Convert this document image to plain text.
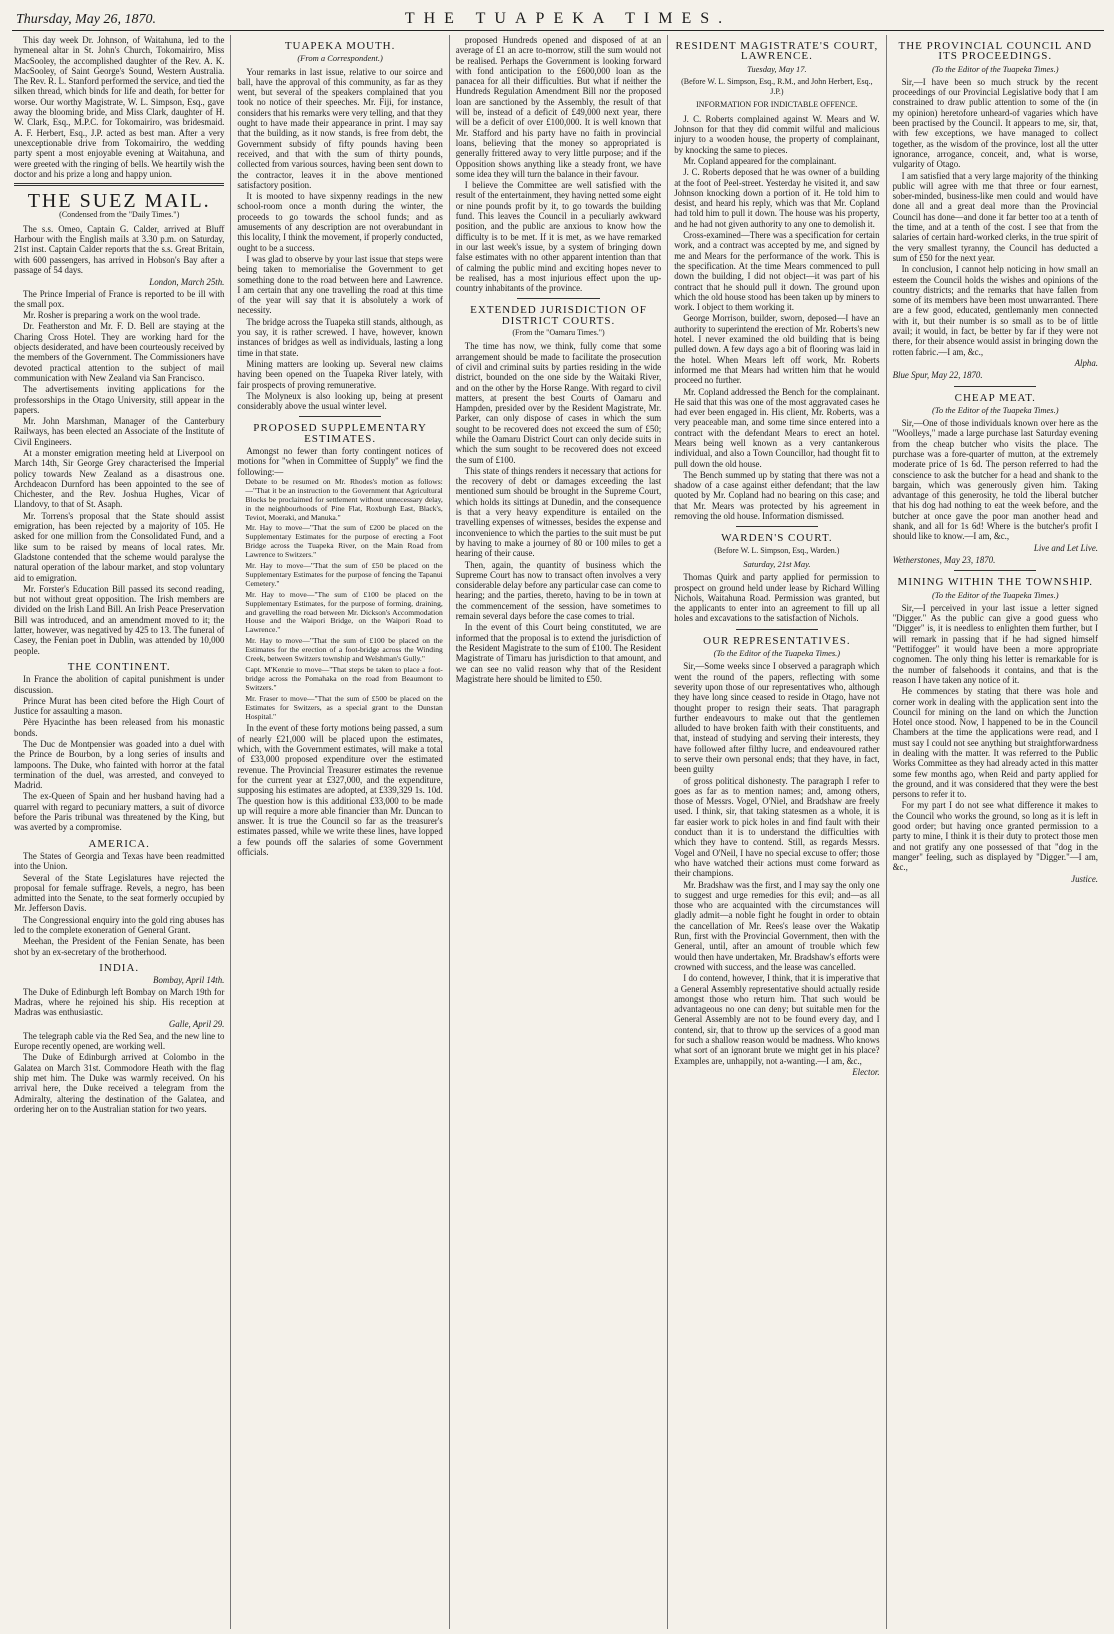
Thursday, May 26, 1870.	THE TUAPEKA TIMES.

This day week Dr. Johnson, of Waitahuna, led to the hymeneal altar in St. John's Church, Tokomairiro, Miss MacSooley, the accomplished daughter of the Rev. A. K. MacSooley, of Saint George's Sound, Western Australia. The Rev. R. L. Stanford performed the service, and tied the silken thread, which binds for life and death, for better for worse. Our worthy Magistrate, W. L. Simpson, Esq., gave away the blooming bride, and Miss Clark, daughter of H. W. Clark, Esq., M.P.C. for Tokomairiro, was bridesmaid. A. F. Herbert, Esq., J.P. acted as best man. After a very unexceptionable drive from Tokomairiro, the wedding party spent a most enjoyable evening at Waitahuna, and were greeted with the ringing of bells. We heartily wish the doctor and his prize a long and happy union.

THE SUEZ MAIL.

(Condensed from the "Daily Times.")

The s.s. Omeo, Captain G. Calder, arrived at Bluff Harbour with the English mails at 3.30 p.m. on Saturday, 21st inst. Captain Calder reports that the s.s. Great Britain, with 600 passengers, has arrived in Hobson's Bay after a passage of 54 days.

London, March 25th.

The Prince Imperial of France is reported to be ill with the small pox.

Mr. Rosher is preparing a work on the wool trade.

Dr. Featherston and Mr. F. D. Bell are staying at the Charing Cross Hotel. They are working hard for the objects desiderated, and have been courteously received by the members of the Government. The Commissioners have devoted practical attention to the subject of mail communication with New Zealand via San Francisco.

The advertisements inviting applications for the professorships in the Otago University, still appear in the papers.

Mr. John Marshman, Manager of the Canterbury Railways, has been elected an Associate of the Institute of Civil Engineers.

At a monster emigration meeting held at Liverpool on March 14th, Sir George Grey characterised the Imperial policy towards New Zealand as a disastrous one. Archdeacon Durnford has been appointed to the see of Chichester, and the Rev. Joshua Hughes, Vicar of Llandovy, to that of St. Asaph.

Mr. Torrens's proposal that the State should assist emigration, has been rejected by a majority of 105. He asked for one million from the Consolidated Fund, and a like sum to be raised by means of local rates. Mr. Gladstone contended that the scheme would paralyse the natural operation of the labour market, and stop voluntary aid to emigration.

Mr. Forster's Education Bill passed its second reading, but not without great opposition. The Irish members are divided on the Irish Land Bill. An Irish Peace Preservation Bill was introduced, and an amendment moved to it; the latter, however, was negatived by 425 to 13. The funeral of Casey, the Fenian poet in Dublin, was attended by 10,000 people.

THE CONTINENT.

In France the abolition of capital punishment is under discussion.

Prince Murat has been cited before the High Court of Justice for assaulting a mason.

Père Hyacinthe has been released from his monastic bonds.

The Duc de Montpensier was goaded into a duel with the Prince de Bourbon, by a long series of insults and lampoons. The Duke, who fainted with horror at the fatal termination of the duel, was arrested, and conveyed to Madrid.

The ex-Queen of Spain and her husband having had a quarrel with regard to pecuniary matters, a suit of divorce before the Paris tribunal was threatened by the King, but was averted by a compromise.

AMERICA.

The States of Georgia and Texas have been readmitted into the Union.

Several of the State Legislatures have rejected the proposal for female suffrage. Revels, a negro, has been admitted into the Senate, to the seat formerly occupied by Mr. Jefferson Davis.

The Congressional enquiry into the gold ring abuses has led to the complete exoneration of General Grant.

Meehan, the President of the Fenian Senate, has been shot by an ex-secretary of the brotherhood.

INDIA.

Bombay, April 14th.

The Duke of Edinburgh left Bombay on March 19th for Madras, where he rejoined his ship. His reception at Madras was enthusiastic.

Galle, April 29.

The telegraph cable via the Red Sea, and the new line to Europe recently opened, are working well.

The Duke of Edinburgh arrived at Colombo in the Galatea on March 31st. Commodore Heath with the flag ship met him. The Duke was warmly received. On his arrival here, the Duke received a telegram from the Admiralty, altering the destination of the Galatea, and ordering her on to the Australian station for two years.

TUAPEKA MOUTH.

(From a Correspondent.)

Your remarks in last issue, relative to our soirce and ball, have the approval of this community, as far as they went, but several of the speakers complained that you took no notice of their speeches. Mr. Fiji, for instance, considers that his remarks were very telling, and that they ought to have made their appearance in print. I may say that the building, as it now stands, is free from debt, the Government subsidy of fifty pounds having been received, and that with the sum of thirty pounds, collected from various sources, having been sent down to the contractor, leaves it in the above mentioned satisfactory position.

It is mooted to have sixpenny readings in the new school-room once a month during the winter, the proceeds to go towards the school funds; and as amusements of any description are not overabundant in this locality, I think the movement, if properly conducted, ought to be a success.

I was glad to observe by your last issue that steps were being taken to memorialise the Government to get something done to the road between here and Lawrence. I am certain that any one travelling the road at this time of the year will say that it is absolutely a work of necessity.

The bridge across the Tuapeka still stands, although, as you say, it is rather screwed. I have, however, known instances of bridges as well as individuals, lasting a long time in that state.

Mining matters are looking up. Several new claims having been opened on the Tuapeka River lately, with fair prospects of proving remunerative.

The Molyneux is also looking up, being at present considerably above the usual winter level.

PROPOSED SUPPLEMENTARY ESTIMATES.

Amongst no fewer than forty contingent notices of motions for "when in Committee of Supply" we find the following:—

Debate to be resumed on Mr. Rhodes's motion as follows:—"That it be an instruction to the Government that Agricultural Blocks be proclaimed for settlement without unnecessary delay, in the neighbourhoods of Pine Flat, Roxburgh East, Black's, Teviot, Moeraki, and Manuka."

Mr. Hay to move—"That the sum of £200 be placed on the Supplementary Estimates for the purpose of erecting a Foot Bridge across the Tuapeka River, on the Main Road from Lawrence to Switzers."

Mr. Hay to move—"That the sum of £50 be placed on the Supplementary Estimates for the purpose of fencing the Tapanui Cemetery."

Mr. Hay to move—"The sum of £100 be placed on the Supplementary Estimates, for the purpose of forming, draining, and gravelling the road between Mr. Dickson's Accommodation House and the Waipori Bridge, on the Waipori Road to Lawrence."

Mr. Hay to move—"That the sum of £100 be placed on the Estimates for the erection of a foot-bridge across the Winding Creek, between Switzers township and Welshman's Gully."

Capt. M'Kenzie to move—"That steps be taken to place a foot-bridge across the Pomahaka on the road from Beaumont to Switzers."

Mr. Fraser to move—"That the sum of £500 be placed on the Estimates for Switzers, as a special grant to the Dunstan Hospital."

In the event of these forty motions being passed, a sum of nearly £21,000 will be placed upon the estimates, which, with the Government estimates, will make a total of £33,000 proposed expenditure over the estimated revenue. The Provincial Treasurer estimates the revenue for the current year at £327,000, and the expenditure, supposing his estimates are adopted, at £339,329 1s. 10d. The question how is this additional £33,000 to be made up will require a more able financier than Mr. Duncan to answer. It is true the Council so far as the treasurer's estimates passed, while we write these lines, have lopped a few pounds off the salaries of some Government officials.

proposed Hundreds opened and disposed of at an average of £1 an acre to-morrow, still the sum would not be realised. Perhaps the Government is looking forward with fond anticipation to the £600,000 loan as the panacea for all their difficulties. But what if neither the Hundreds Regulation Amendment Bill nor the proposed loan are sanctioned by the Assembly, the result of that will be, instead of a deficit of £49,000 next year, there will be a deficit of over £100,000. It is well known that Mr. Stafford and his party have no faith in provincial loans, believing that the money so appropriated is generally frittered away to very little purpose; and if the Opposition shows anything like a steady front, we have some idea they will turn the balance in their favour.

I believe the Committee are well satisfied with the result of the entertainment, they having netted some eight or nine pounds profit by it, to go towards the building fund. This leaves the Council in a peculiarly awkward position, and the public are anxious to know how the difficulty is to be met. If it is met, as we have remarked in our last week's issue, by a system of bringing down false estimates with no other apparent intention than that of calming the public mind and exciting hopes never to be realised, has a most injurious effect upon the up-country inhabitants of the province.

EXTENDED JURISDICTION OF DISTRICT COURTS.

(From the "Oamaru Times.")

The time has now, we think, fully come that some arrangement should be made to facilitate the prosecution of civil and criminal suits by parties residing in the wide district, bounded on the one side by the Waitaki River, and on the other by the Horse Range. With regard to civil matters, at present the best Courts of Oamaru and Hampden, presided over by the Resident Magistrate, Mr. Parker, can only dispose of cases in which the sum sought to be recovered does not exceed the sum of £50; while the Oamaru District Court can only decide suits in which the sum sought to be recovered does not exceed the sum of £100.

This state of things renders it necessary that actions for the recovery of debt or damages exceeding the last mentioned sum should be brought in the Supreme Court, which holds its sittings at Dunedin, and the consequence is that a very heavy expenditure is entailed on the travelling expenses of witnesses, besides the expense and inconvenience to which the parties to the suit must be put by having to make a journey of 80 or 100 miles to get a hearing of their cause.

Then, again, the quantity of business which the Supreme Court has now to transact often involves a very considerable delay before any particular case can come to hearing; and the parties, thereto, having to be in town at the commencement of the session, have sometimes to remain several days before the case comes to trial.

In the event of this Court being constituted, we are informed that the proposal is to extend the jurisdiction of the Resident Magistrate to the sum of £100. The Resident Magistrate of Timaru has jurisdiction to that amount, and we can see no valid reason why that of the Resident Magistrate here should be limited to £50.

RESIDENT MAGISTRATE'S COURT, LAWRENCE.

Tuesday, May 17.

(Before W. L. Simpson, Esq., R.M., and John Herbert, Esq., J.P.)

INFORMATION FOR INDICTABLE OFFENCE.

J. C. Roberts complained against W. Mears and W. Johnson for that they did commit wilful and malicious injury to a wooden house, the property of complainant, by knocking the same to pieces.

Mr. Copland appeared for the complainant.

J. C. Roberts deposed that he was owner of a building at the foot of Peel-street. Yesterday he visited it, and saw Johnson knocking down a portion of it. He told him to desist, and heard his reply, which was that Mr. Copland had told him to pull it down. The house was his property, and he had not given authority to any one to demolish it.

Cross-examined—There was a specification for certain work, and a contract was accepted by me, and signed by me and Mears for the performance of the work. This is the specification. At the time Mears commenced to pull down the building, I did not object—it was part of his contract that he should pull it down. The ground upon which the old house stood has been taken up by miners to work. I object to them working it.

George Morrison, builder, sworn, deposed—I have an authority to superintend the erection of Mr. Roberts's new hotel. I never examined the old building that is being pulled down. A few days ago a bit of flooring was laid in the hotel. When Mears left off work, Mr. Roberts informed me that Mears had written him that he would proceed no further.

Mr. Copland addressed the Bench for the complainant. He said that this was one of the most aggravated cases he had ever been engaged in. His client, Mr. Roberts, was a very peaceable man, and some time since entered into a contract with the defendant Mears to erect an hotel. Mears being well known as a very cantankerous individual, and also a Town Councillor, had thought fit to pull down the old house.

The Bench summed up by stating that there was not a shadow of a case against either defendant; that the law quoted by Mr. Copland had no bearing on this case; and that Mr. Mears was protected by his agreement in removing the old house. Information dismissed.

WARDEN'S COURT.

(Before W. L. Simpson, Esq., Warden.)

Saturday, 21st May.

Thomas Quirk and party applied for permission to prospect on ground held under lease by Richard Willing Nichols, Waitahuna Road. Permission was granted, but the applicants to enter into an agreement to fill up all holes and excavations to the satisfaction of Nichols.

OUR REPRESENTATIVES.

(To the Editor of the Tuapeka Times.)

Sir,—Some weeks since I observed a paragraph which went the round of the papers, reflecting with some severity upon those of our representatives who, although they have long since ceased to reside in Otago, have not thought proper to resign their seats. That paragraph further endeavours to make out that the gentlemen alluded to have broken faith with their constituents, and that, instead of studying and serving their interests, they have followed after filthy lucre, and endeavoured rather to serve their own personal ends; that they have, in fact, been guilty

of gross political dishonesty. The paragraph I refer to goes as far as to mention names; and, among others, those of Messrs. Vogel, O'Niel, and Bradshaw are freely used. I think, sir, that taking statesmen as a whole, it is far easier work to pick holes in and find fault with their conduct than it is to understand the difficulties with which they have to contend. Still, as regards Messrs. Vogel and O'Neil, I have no special excuse to offer; those who have watched their actions must come forward as their champions.

Mr. Bradshaw was the first, and I may say the only one to suggest and urge remedies for this evil; and—as all those who are acquainted with the circumstances will gladly admit—a noble fight he fought in order to obtain the cancellation of Mr. Rees's lease over the Wakatip Run, first with the Provincial Government, then with the General, until, after an amount of trouble which few would then have undertaken, Mr. Bradshaw's efforts were crowned with success, and the lease was cancelled.

I do contend, however, I think, that it is imperative that a General Assembly representative should actually reside amongst those who return him. That such would be advantageous no one can deny; but suitable men for the General Assembly are not to be found every day, and I contend, sir, that to throw up the services of a good man for such a shallow reason would be madness. Who knows what sort of an ignorant brute we might get in his place? Examples are, unhappily, not a-wanting.—I am, &c.,

Elector.

THE PROVINCIAL COUNCIL AND ITS PROCEEDINGS.

(To the Editor of the Tuapeka Times.)

Sir,—I have been so much struck by the recent proceedings of our Provincial Legislative body that I am constrained to draw public attention to some of the (in my opinion) heretofore unheard-of vagaries which have been practised by the Council. It appears to me, sir, that, with few exceptions, we have managed to collect together, as the wisdom of the province, lost all the utter ignorance, arrogance, conceit, and, what is worse, vulgarity of Otago.

I am satisfied that a very large majority of the thinking public will agree with me that three or four earnest, sober-minded, business-like men could and would have done all and a great deal more than the Provincial Council has done—and done it far better too at a tenth of the time, and at a tenth of the cost. I see that from the salaries of certain hard-worked clerks, in the true spirit of the very smallest tyranny, the Council has deducted a sum of £50 for the next year.

In conclusion, I cannot help noticing in how small an esteem the Council holds the wishes and opinions of the country districts; and the remarks that have fallen from some of its members have been most unwarranted. There are a few good, educated, gentlemanly men connected with it, but their number is so small as to be of little avail; it would, in fact, be better by far if they were not there, for their absence would assist in bringing down the rotten fabric.—I am, &c.,

Alpha.

Blue Spur, May 22, 1870.

CHEAP MEAT.

(To the Editor of the Tuapeka Times.)

Sir,—One of those individuals known over here as the "Woolleys," made a large purchase last Saturday evening from the cheap butcher who visits the place. The purchase was a fore-quarter of mutton, at the extremely moderate price of 1s 6d. The person referred to had the conscience to ask the butcher for a head and shank to the bargain, which was generously given him. Taking advantage of this generosity, he told the liberal butcher that his dog had nothing to eat the week before, and the butcher at once gave the poor man another head and shank, and all for 1s 6d! Where is the butcher's profit I should like to know.—I am, &c.,

Live and Let Live.

Wetherstones, May 23, 1870.

MINING WITHIN THE TOWNSHIP.

(To the Editor of the Tuapeka Times.)

Sir,—I perceived in your last issue a letter signed "Digger." As the public can give a good guess who "Digger" is, it is needless to enlighten them further, but I will remark in passing that if he had signed himself "Pettifogger" it would have been a more appropriate cognomen. The only thing his letter is remarkable for is the number of falsehoods it contains, and that is the reason I have taken any notice of it.

He commences by stating that there was hole and corner work in dealing with the application sent into the Council for mining on the land on which the Junction Hotel once stood. Now, I happened to be in the Council Chambers at the time the applications were read, and I must say I could not see anything but straightforwardness in dealing with the matter. It was referred to the Public Works Committee as they had already acted in this matter some few months ago, when Reid and party applied for the ground, and it was considered that they were the best persons to refer it to.

For my part I do not see what difference it makes to the Council who works the ground, so long as it is left in good order; but having once granted permission to a party to mine, I think it is their duty to protect those men and not gratify any one possessed of that "dog in the manger" feeling, such as displayed by "Digger."—I am, &c.,

Justice.
